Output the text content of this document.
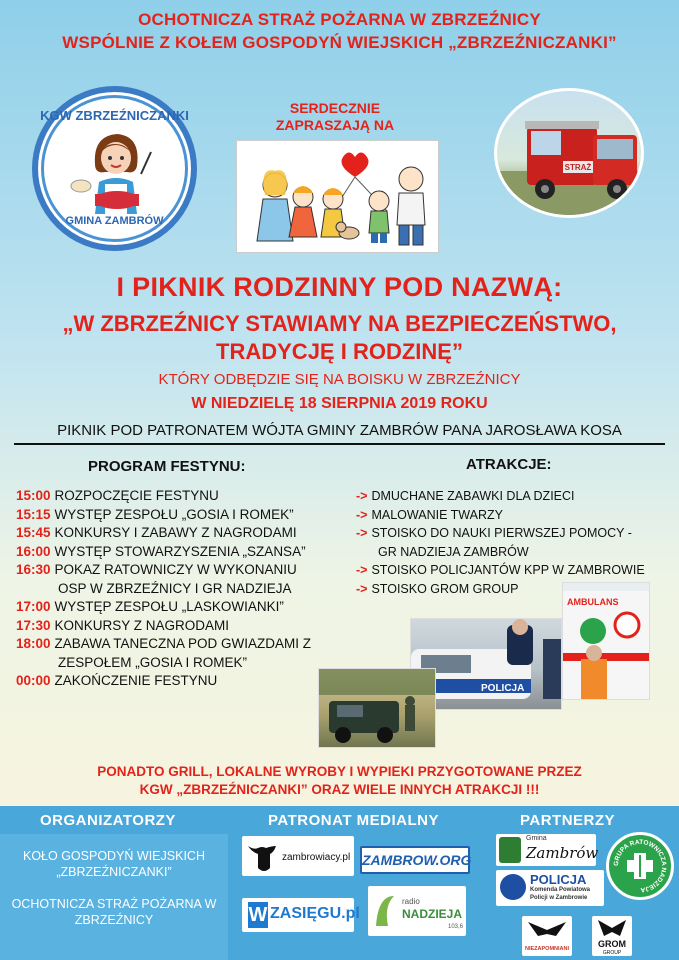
OCHOTNICZA STRAŻ POŻARNA W ZBRZEŹNICY
WSPÓLNIE Z KOŁEM GOSPODYŃ WIEJSKICH „ZBRZEŹNICZANKI”
KGW ZBRZEŹNICZANKI
GMINA ZAMBRÓW
SERDECZNIE
ZAPRASZAJĄ NA
STRAŻ
I PIKNIK RODZINNY POD NAZWĄ:
„W ZBRZEŹNICY STAWIAMY NA BEZPIECZEŃSTWO,
TRADYCJĘ I RODZINĘ”
KTÓRY ODBĘDZIE SIĘ NA BOISKU W ZBRZEŹNICY
W NIEDZIELĘ 18 SIERPNIA 2019 ROKU
PIKNIK POD PATRONATEM WÓJTA GMINY ZAMBRÓW PANA JAROSŁAWA KOSA
PROGRAM FESTYNU:
15:00 ROZPOCZĘCIE FESTYNU
15:15 WYSTĘP ZESPOŁU „GOSIA I ROMEK”
15:45 KONKURSY I ZABAWY Z NAGRODAMI
16:00 WYSTĘP STOWARZYSZENIA „SZANSA”
16:30 POKAZ RATOWNICZY W WYKONANIU
OSP W ZBRZEŹNICY I GR NADZIEJA
17:00 WYSTĘP ZESPOŁU „LASKOWIANKI”
17:30 KONKURSY Z NAGRODAMI
18:00 ZABAWA TANECZNA POD GWIAZDAMI Z
ZESPOŁEM „GOSIA I ROMEK”
00:00 ZAKOŃCZENIE FESTYNU
ATRAKCJE:
-> DMUCHANE ZABAWKI DLA DZIECI
-> MALOWANIE TWARZY
-> STOISKO DO NAUKI PIERWSZEJ POMOCY -
GR NADZIEJA ZAMBRÓW
-> STOISKO POLICJANTÓW KPP W ZAMBROWIE
-> STOISKO GROM GROUP
POLICJA
AMBULANS
PONADTO GRILL, LOKALNE WYROBY I WYPIEKI PRZYGOTOWANE PRZEZ
KGW „ZBRZEŹNICZANKI” ORAZ WIELE INNYCH ATRAKCJI !!!
ORGANIZATORZY	PATRONAT MEDIALNY	PARTNERZY
KOŁO GOSPODYŃ WIEJSKICH
„ZBRZEŹNICZANKI”
OCHOTNICZA STRAŻ POŻARNA W
ZBRZEŹNICY
zambrowiacy.pl ZAMBROW.ORG
W ZASIĘGU.pl
radio
NADZIEJA
103,6
Gmina
Zambrów
POLICJA
Komenda Powiatowa
Policji w Zambrowie
GRUPA RATOWNICZA NADZIEJA
NIEZAPOMNIANI	GROM
GROUP
